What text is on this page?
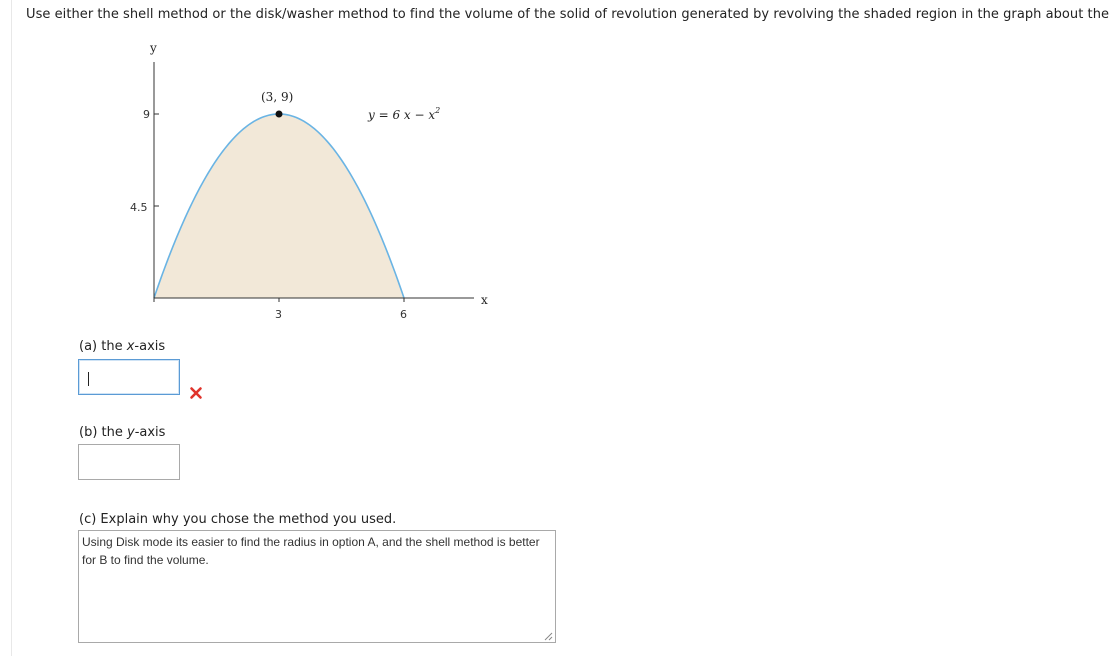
Use either the shell method or the disk/washer method to find the volume of the solid of revolution generated by revolving the shaded region in the graph about the
y
x
9
4.5
3	6
(3, 9)
y = 6 $x - x^2$
(a) the x-axis
(b) the y-axis
(c) Explain why you chose the method you used.
Using Disk mode its easier to find the radius in option A, and the shell method is better for B to find the volume.
